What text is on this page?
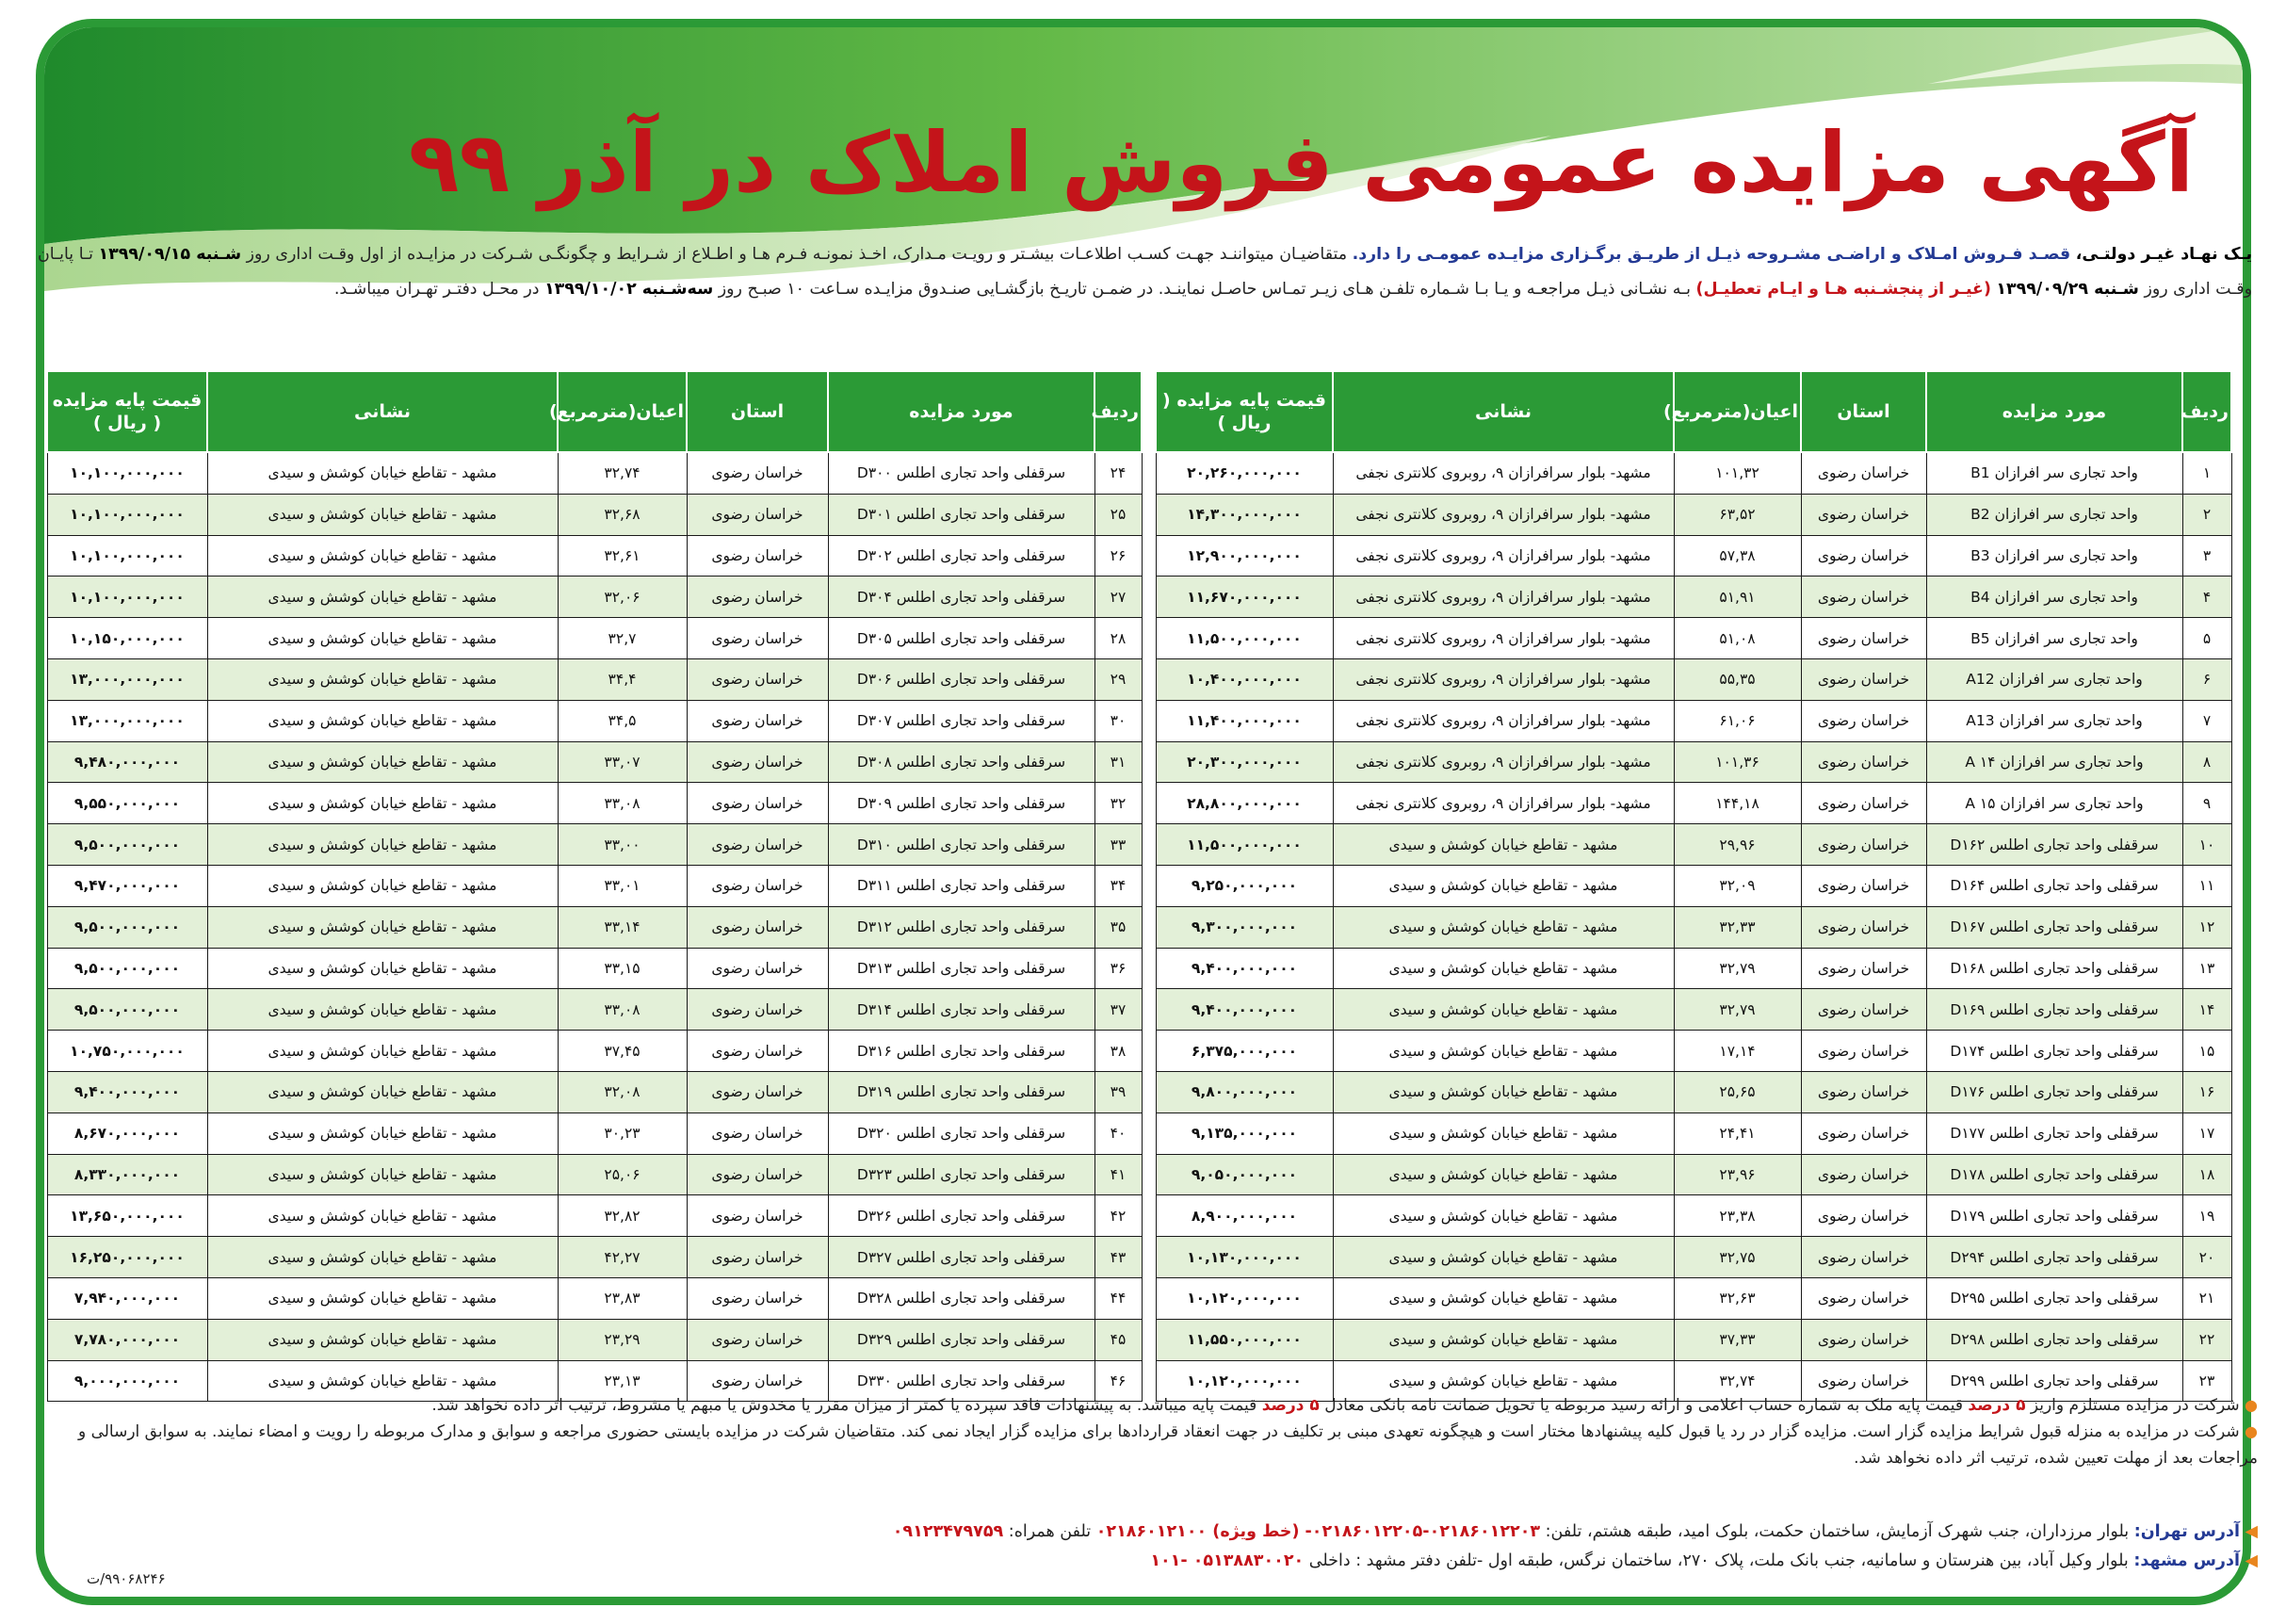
آگهی مزایده عمومی فروش املاک در آذر ۹۹
یـک نهـاد غیـر دولتـی، قصـد فـروش امـلاک و اراضـی مشـروحه ذیـل از طریـق برگـزاری مزایـده عمومـی را دارد. متقاضیـان میتواننـد جهـت کسـب اطلاعـات بیشـتر و رویـت مـدارک، اخـذ نمونـه فـرم هـا و اطـلاع از شـرایط و چگونگـی شـرکت در مزایـده از اول وقـت اداری روز شـنبه ۱۳۹۹/۰۹/۱۵ تـا پایـان وقـت اداری روز شـنبه ۱۳۹۹/۰۹/۲۹ (غیـر از پنجشـنبه هـا و ایـام تعطیـل) بـه نشـانی ذیـل مراجعـه و یـا بـا شـماره تلفـن هـای زیـر تمـاس حاصـل نماینـد. در ضمـن تاریـخ بازگشـایی صنـدوق مزایـده سـاعت ۱۰ صبـح روز سه‌شـنبه ۱۳۹۹/۱۰/۰۲ در محـل دفتـر تهـران میباشـد.
ردیف	مورد مزایده	استان	اعیان(مترمربع)	نشانی	قیمت پایه مزایده ( ریال )
۱	واحد تجاری سر افرازان B1	خراسان رضوی	۱۰۱,۳۲	مشهد- بلوار سرافرازان ۹، روبروی کلانتری نجفی	۲۰,۲۶۰,۰۰۰,۰۰۰
۲	واحد تجاری سر افرازان B2	خراسان رضوی	۶۳,۵۲	مشهد- بلوار سرافرازان ۹، روبروی کلانتری نجفی	۱۴,۳۰۰,۰۰۰,۰۰۰
۳	واحد تجاری سر افرازان B3	خراسان رضوی	۵۷,۳۸	مشهد- بلوار سرافرازان ۹، روبروی کلانتری نجفی	۱۲,۹۰۰,۰۰۰,۰۰۰
۴	واحد تجاری سر افرازان B4	خراسان رضوی	۵۱,۹۱	مشهد- بلوار سرافرازان ۹، روبروی کلانتری نجفی	۱۱,۶۷۰,۰۰۰,۰۰۰
۵	واحد تجاری سر افرازان B5	خراسان رضوی	۵۱,۰۸	مشهد- بلوار سرافرازان ۹، روبروی کلانتری نجفی	۱۱,۵۰۰,۰۰۰,۰۰۰
۶	واحد تجاری سر افرازان A12	خراسان رضوی	۵۵,۳۵	مشهد- بلوار سرافرازان ۹، روبروی کلانتری نجفی	۱۰,۴۰۰,۰۰۰,۰۰۰
۷	واحد تجاری سر افرازان A13	خراسان رضوی	۶۱,۰۶	مشهد- بلوار سرافرازان ۹، روبروی کلانتری نجفی	۱۱,۴۰۰,۰۰۰,۰۰۰
۸	واحد تجاری سر افرازان A ۱۴	خراسان رضوی	۱۰۱,۳۶	مشهد- بلوار سرافرازان ۹، روبروی کلانتری نجفی	۲۰,۳۰۰,۰۰۰,۰۰۰
۹	واحد تجاری سر افرازان A ۱۵	خراسان رضوی	۱۴۴,۱۸	مشهد- بلوار سرافرازان ۹، روبروی کلانتری نجفی	۲۸,۸۰۰,۰۰۰,۰۰۰
۱۰	سرقفلی واحد تجاری اطلس D۱۶۲	خراسان رضوی	۲۹,۹۶	مشهد - تقاطع خیابان کوشش و سیدی	۱۱,۵۰۰,۰۰۰,۰۰۰
۱۱	سرقفلی واحد تجاری اطلس D۱۶۴	خراسان رضوی	۳۲,۰۹	مشهد - تقاطع خیابان کوشش و سیدی	۹,۲۵۰,۰۰۰,۰۰۰
۱۲	سرقفلی واحد تجاری اطلس D۱۶۷	خراسان رضوی	۳۲,۳۳	مشهد - تقاطع خیابان کوشش و سیدی	۹,۳۰۰,۰۰۰,۰۰۰
۱۳	سرقفلی واحد تجاری اطلس D۱۶۸	خراسان رضوی	۳۲,۷۹	مشهد - تقاطع خیابان کوشش و سیدی	۹,۴۰۰,۰۰۰,۰۰۰
۱۴	سرقفلی واحد تجاری اطلس D۱۶۹	خراسان رضوی	۳۲,۷۹	مشهد - تقاطع خیابان کوشش و سیدی	۹,۴۰۰,۰۰۰,۰۰۰
۱۵	سرقفلی واحد تجاری اطلس D۱۷۴	خراسان رضوی	۱۷,۱۴	مشهد - تقاطع خیابان کوشش و سیدی	۶,۳۷۵,۰۰۰,۰۰۰
۱۶	سرقفلی واحد تجاری اطلس D۱۷۶	خراسان رضوی	۲۵,۶۵	مشهد - تقاطع خیابان کوشش و سیدی	۹,۸۰۰,۰۰۰,۰۰۰
۱۷	سرقفلی واحد تجاری اطلس D۱۷۷	خراسان رضوی	۲۴,۴۱	مشهد - تقاطع خیابان کوشش و سیدی	۹,۱۳۵,۰۰۰,۰۰۰
۱۸	سرقفلی واحد تجاری اطلس D۱۷۸	خراسان رضوی	۲۳,۹۶	مشهد - تقاطع خیابان کوشش و سیدی	۹,۰۵۰,۰۰۰,۰۰۰
۱۹	سرقفلی واحد تجاری اطلس D۱۷۹	خراسان رضوی	۲۳,۳۸	مشهد - تقاطع خیابان کوشش و سیدی	۸,۹۰۰,۰۰۰,۰۰۰
۲۰	سرقفلی واحد تجاری اطلس D۲۹۴	خراسان رضوی	۳۲,۷۵	مشهد - تقاطع خیابان کوشش و سیدی	۱۰,۱۳۰,۰۰۰,۰۰۰
۲۱	سرقفلی واحد تجاری اطلس D۲۹۵	خراسان رضوی	۳۲,۶۳	مشهد - تقاطع خیابان کوشش و سیدی	۱۰,۱۲۰,۰۰۰,۰۰۰
۲۲	سرقفلی واحد تجاری اطلس D۲۹۸	خراسان رضوی	۳۷,۳۳	مشهد - تقاطع خیابان کوشش و سیدی	۱۱,۵۵۰,۰۰۰,۰۰۰
۲۳	سرقفلی واحد تجاری اطلس D۲۹۹	خراسان رضوی	۳۲,۷۴	مشهد - تقاطع خیابان کوشش و سیدی	۱۰,۱۲۰,۰۰۰,۰۰۰
ردیف	مورد مزایده	استان	اعیان(مترمربع)	نشانی	قیمت پایه مزایده ( ریال )
۲۴	سرقفلی واحد تجاری اطلس D۳۰۰	خراسان رضوی	۳۲,۷۴	مشهد - تقاطع خیابان کوشش و سیدی	۱۰,۱۰۰,۰۰۰,۰۰۰
۲۵	سرقفلی واحد تجاری اطلس D۳۰۱	خراسان رضوی	۳۲,۶۸	مشهد - تقاطع خیابان کوشش و سیدی	۱۰,۱۰۰,۰۰۰,۰۰۰
۲۶	سرقفلی واحد تجاری اطلس D۳۰۲	خراسان رضوی	۳۲,۶۱	مشهد - تقاطع خیابان کوشش و سیدی	۱۰,۱۰۰,۰۰۰,۰۰۰
۲۷	سرقفلی واحد تجاری اطلس D۳۰۴	خراسان رضوی	۳۲,۰۶	مشهد - تقاطع خیابان کوشش و سیدی	۱۰,۱۰۰,۰۰۰,۰۰۰
۲۸	سرقفلی واحد تجاری اطلس D۳۰۵	خراسان رضوی	۳۲,۷	مشهد - تقاطع خیابان کوشش و سیدی	۱۰,۱۵۰,۰۰۰,۰۰۰
۲۹	سرقفلی واحد تجاری اطلس D۳۰۶	خراسان رضوی	۳۴,۴	مشهد - تقاطع خیابان کوشش و سیدی	۱۳,۰۰۰,۰۰۰,۰۰۰
۳۰	سرقفلی واحد تجاری اطلس D۳۰۷	خراسان رضوی	۳۴,۵	مشهد - تقاطع خیابان کوشش و سیدی	۱۳,۰۰۰,۰۰۰,۰۰۰
۳۱	سرقفلی واحد تجاری اطلس D۳۰۸	خراسان رضوی	۳۳,۰۷	مشهد - تقاطع خیابان کوشش و سیدی	۹,۴۸۰,۰۰۰,۰۰۰
۳۲	سرقفلی واحد تجاری اطلس D۳۰۹	خراسان رضوی	۳۳,۰۸	مشهد - تقاطع خیابان کوشش و سیدی	۹,۵۵۰,۰۰۰,۰۰۰
۳۳	سرقفلی واحد تجاری اطلس D۳۱۰	خراسان رضوی	۳۳,۰۰	مشهد - تقاطع خیابان کوشش و سیدی	۹,۵۰۰,۰۰۰,۰۰۰
۳۴	سرقفلی واحد تجاری اطلس D۳۱۱	خراسان رضوی	۳۳,۰۱	مشهد - تقاطع خیابان کوشش و سیدی	۹,۴۷۰,۰۰۰,۰۰۰
۳۵	سرقفلی واحد تجاری اطلس D۳۱۲	خراسان رضوی	۳۳,۱۴	مشهد - تقاطع خیابان کوشش و سیدی	۹,۵۰۰,۰۰۰,۰۰۰
۳۶	سرقفلی واحد تجاری اطلس D۳۱۳	خراسان رضوی	۳۳,۱۵	مشهد - تقاطع خیابان کوشش و سیدی	۹,۵۰۰,۰۰۰,۰۰۰
۳۷	سرقفلی واحد تجاری اطلس D۳۱۴	خراسان رضوی	۳۳,۰۸	مشهد - تقاطع خیابان کوشش و سیدی	۹,۵۰۰,۰۰۰,۰۰۰
۳۸	سرقفلی واحد تجاری اطلس D۳۱۶	خراسان رضوی	۳۷,۴۵	مشهد - تقاطع خیابان کوشش و سیدی	۱۰,۷۵۰,۰۰۰,۰۰۰
۳۹	سرقفلی واحد تجاری اطلس D۳۱۹	خراسان رضوی	۳۲,۰۸	مشهد - تقاطع خیابان کوشش و سیدی	۹,۴۰۰,۰۰۰,۰۰۰
۴۰	سرقفلی واحد تجاری اطلس D۳۲۰	خراسان رضوی	۳۰,۲۳	مشهد - تقاطع خیابان کوشش و سیدی	۸,۶۷۰,۰۰۰,۰۰۰
۴۱	سرقفلی واحد تجاری اطلس D۳۲۳	خراسان رضوی	۲۵,۰۶	مشهد - تقاطع خیابان کوشش و سیدی	۸,۳۳۰,۰۰۰,۰۰۰
۴۲	سرقفلی واحد تجاری اطلس D۳۲۶	خراسان رضوی	۳۲,۸۲	مشهد - تقاطع خیابان کوشش و سیدی	۱۳,۶۵۰,۰۰۰,۰۰۰
۴۳	سرقفلی واحد تجاری اطلس D۳۲۷	خراسان رضوی	۴۲,۲۷	مشهد - تقاطع خیابان کوشش و سیدی	۱۶,۲۵۰,۰۰۰,۰۰۰
۴۴	سرقفلی واحد تجاری اطلس D۳۲۸	خراسان رضوی	۲۳,۸۳	مشهد - تقاطع خیابان کوشش و سیدی	۷,۹۴۰,۰۰۰,۰۰۰
۴۵	سرقفلی واحد تجاری اطلس D۳۲۹	خراسان رضوی	۲۳,۲۹	مشهد - تقاطع خیابان کوشش و سیدی	۷,۷۸۰,۰۰۰,۰۰۰
۴۶	سرقفلی واحد تجاری اطلس D۳۳۰	خراسان رضوی	۲۳,۱۳	مشهد - تقاطع خیابان کوشش و سیدی	۹,۰۰۰,۰۰۰,۰۰۰

● شرکت در مزایده مستلزم واریز ۵ درصد قیمت پایه ملک به شماره حساب اعلامی و ارائه رسید مربوطه یا تحویل ضمانت نامه بانکی معادل ۵ درصد قیمت پایه میباشد. به پیشنهادات فاقد سپرده یا کمتر از میزان مقرر یا مخدوش یا مبهم یا مشروط، ترتیب اثر داده نخواهد شد.

● شرکت در مزایده به منزله قبول شرایط مزایده گزار است. مزایده گزار در رد یا قبول کلیه پیشنهادها مختار است و هیچگونه تعهدی مبنی بر تکلیف در جهت انعقاد قراردادها برای مزایده گزار ایجاد نمی کند. متقاضیان شرکت در مزایده بایستی حضوری مراجعه و سوابق و مدارک مربوطه را رویت و امضاء نمایند. به سوابق ارسالی و مراجعات بعد از مهلت تعیین شده، ترتیب اثر داده نخواهد شد.

◀ آدرس تهران: بلوار مرزداران، جنب شهرک آزمایش، ساختمان حکمت، بلوک امید، طبقه هشتم، تلفن: ۰۲۱۸۶۰۱۲۱۰۰ (خط ویژه) -۰۲۱۸۶۰۱۲۲۰۳-۰۲۱۸۶۰۱۲۲۰۵ تلفن همراه: ۰۹۱۲۳۴۷۹۷۵۹
◀ آدرس مشهد: بلوار وکیل آباد، بین هنرستان و سامانیه، جنب بانک ملت، پلاک ۲۷۰، ساختمان نرگس، طبقه اول -تلفن دفتر مشهد : داخلی ۱۰۱- ۰۵۱۳۸۸۳۰۰۲۰
۹۹۰۶۸۲۴۶/ت
